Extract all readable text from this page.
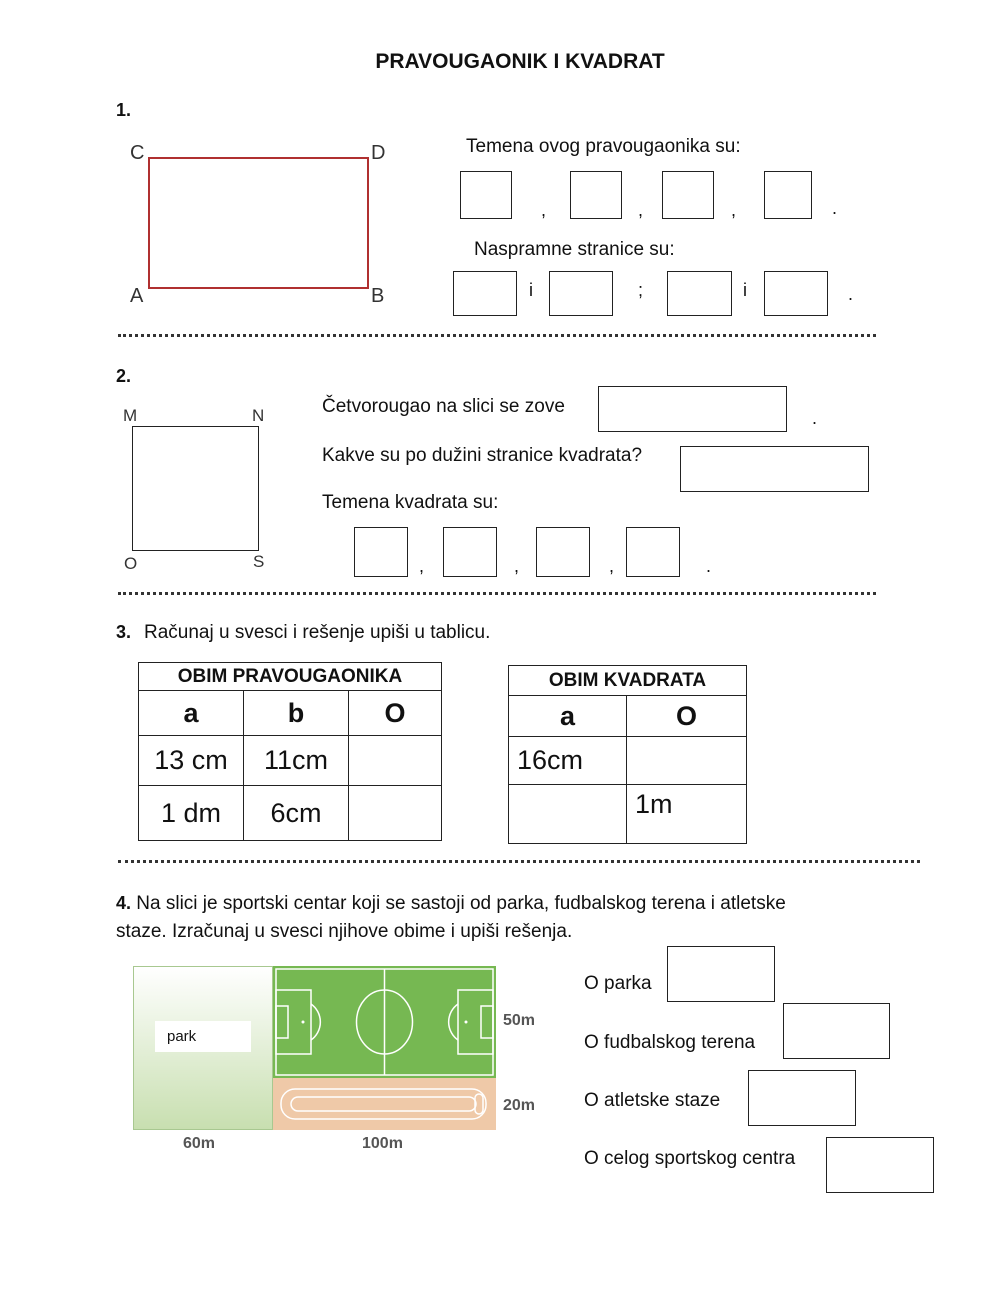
PRAVOUGAONIK I KVADRAT
1.
C	D
A	B
Temena ovog pravougaonika su:
,	,	,	.
Naspramne stranice su:
i	;	i	.
2.
M	N
O	S
Četvorougao na slici se zove
.
Kakve su po dužini stranice kvadrata?
Temena kvadrata su:
,	,	,	.
3. Računaj u svesci i rešenje upiši u tablicu.
OBIM PRAVOUGAONIKA		
a	b	O
13 cm	11cm	
1 dm	6cm	
OBIM KVADRATA	
a	O
16cm	
	1m
4. Na slici je sportski centar koji se sastoji od parka, fudbalskog terena i atletske
staze. Izračunaj u svesci njihove obime i upiši rešenja.
park
50m
20m
60m	100m
O parka
O fudbalskog terena
O atletske staze
O celog sportskog centra
